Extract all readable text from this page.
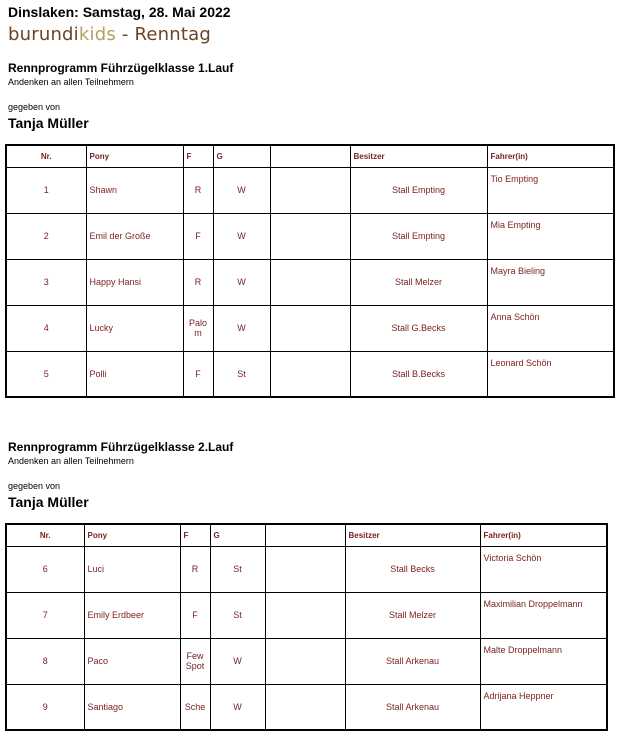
Dinslaken: Samstag, 28. Mai 2022
burundikids - Renntag
Rennprogramm Führzügelklasse 1.Lauf
Andenken an allen Teilnehmern
gegeben von
Tanja Müller
Nr.	Pony	F	G		Besitzer	Fahrer(in)
1	Shawn	R	W		Stall Empting	Tio Empting
2	Emil der Große	F	W		Stall Empting	Mia Empting
3	Happy Hansi	R	W		Stall Melzer	Mayra Bieling
4	Lucky	Palo m	W		Stall G.Becks	Anna Schön
5	Polli	F	St		Stall B.Becks	Leonard Schön
Rennprogramm Führzügelklasse 2.Lauf
Andenken an allen Teilnehmern
gegeben von
Tanja Müller
Nr.	Pony	F	G		Besitzer	Fahrer(in)
6	Luci	R	St		Stall Becks	Victoria Schön
7	Emily Erdbeer	F	St		Stall Melzer	Maximilian Droppelmann
8	Paco	Few Spot	W		Stall Arkenau	Malte Droppelmann
9	Santiago	Sche	W		Stall Arkenau	Adrijana Heppner
